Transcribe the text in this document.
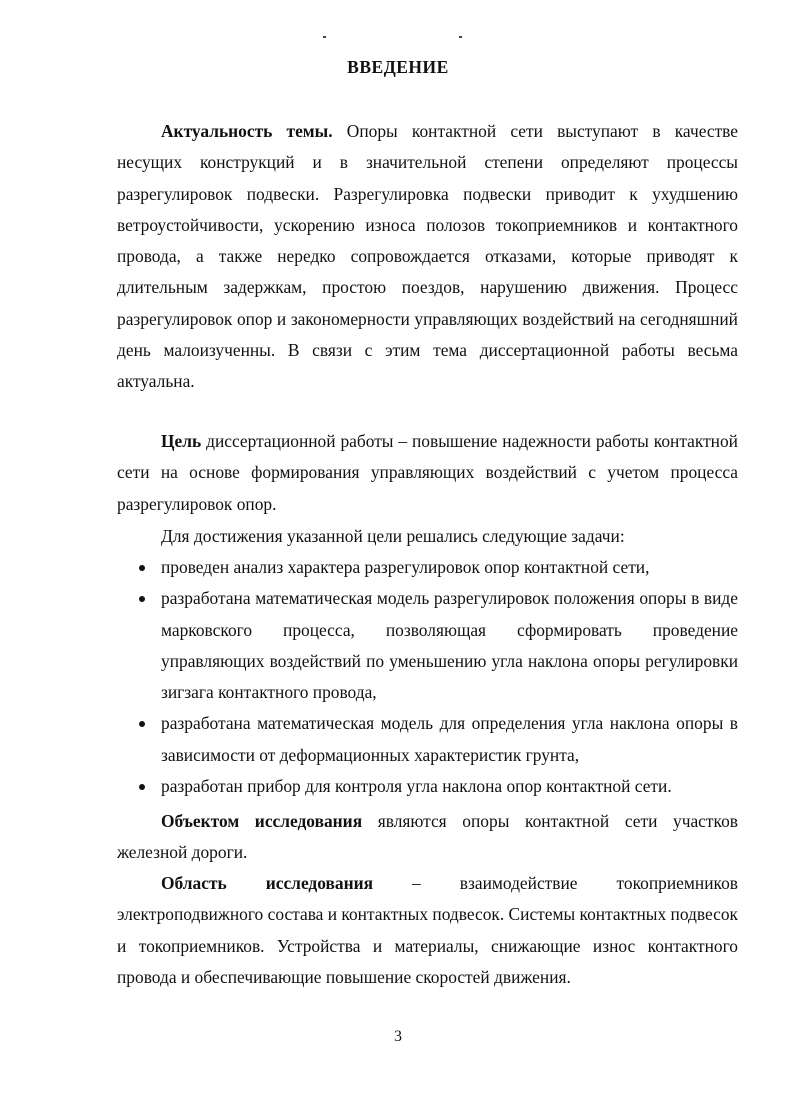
ВВЕДЕНИЕ

Актуальность темы. Опоры контактной сети выступают в качестве несущих конструкций и в значительной степени определяют процессы разрегулировок подвески. Разрегулировка подвески приводит к ухудшению ветроустойчивости, ускорению износа полозов токоприемников и контактного провода, а также нередко сопровождается отказами, которые приводят к длительным задержкам, простою поездов, нарушению движения. Процесс разрегулировок опор и закономерности управляющих воздействий на сегодняшний день малоизученны. В связи с этим тема диссертационной работы весьма актуальна.

Цель диссертационной работы – повышение надежности работы контактной сети на основе формирования управляющих воздействий с учетом процесса разрегулировок опор.

Для достижения указанной цели решались следующие задачи:

проведен анализ характера разрегулировок опор контактной сети,
разработана математическая модель разрегулировок положения опоры в виде марковского процесса, позволяющая сформировать проведение управляющих воздействий по уменьшению угла наклона опоры регулировки зигзага контактного провода,
разработана математическая модель для определения угла наклона опоры в зависимости от деформационных характеристик грунта,
разработан прибор для контроля угла наклона опор контактной сети.

Объектом исследования являются опоры контактной сети участков железной дороги.

Область исследования – взаимодействие токоприемников электроподвижного состава и контактных подвесок. Системы контактных подвесок и токоприемников. Устройства и материалы, снижающие износ контактного провода и обеспечивающие повышение скоростей движения.

3
